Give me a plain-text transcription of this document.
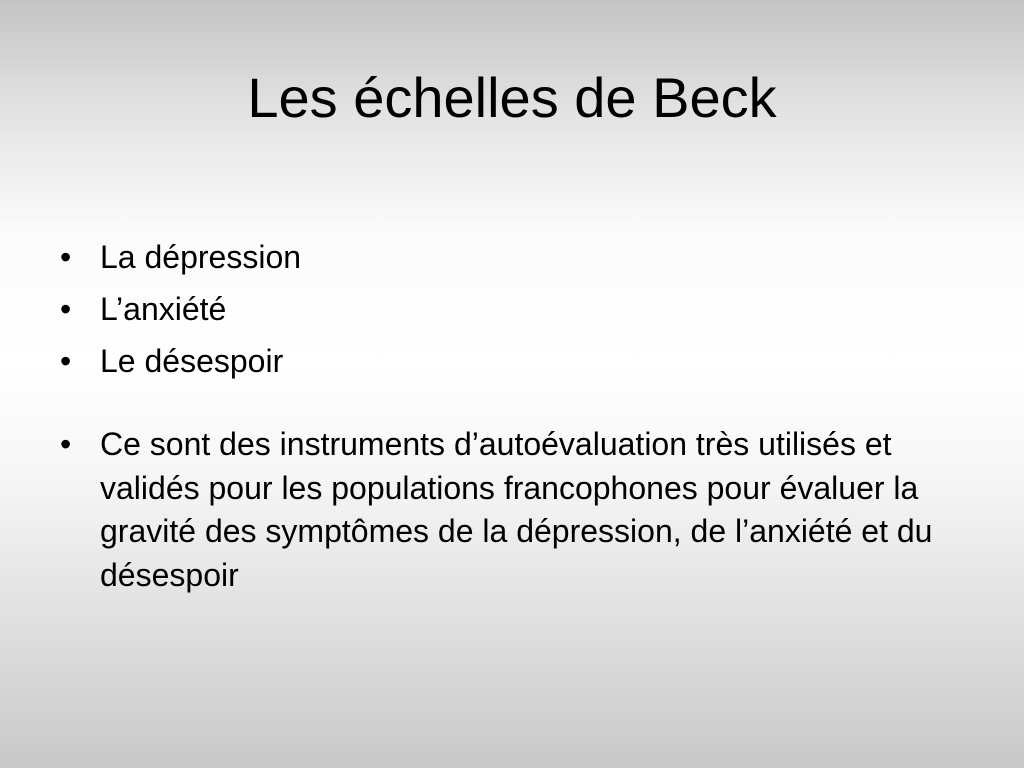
Les échelles de Beck
• La dépression
• L’anxiété
• Le désespoir
• Ce sont des instruments d’autoévaluation très utilisés et validés pour les populations francophones pour évaluer la gravité des symptômes de la dépression, de l’anxiété et du désespoir
